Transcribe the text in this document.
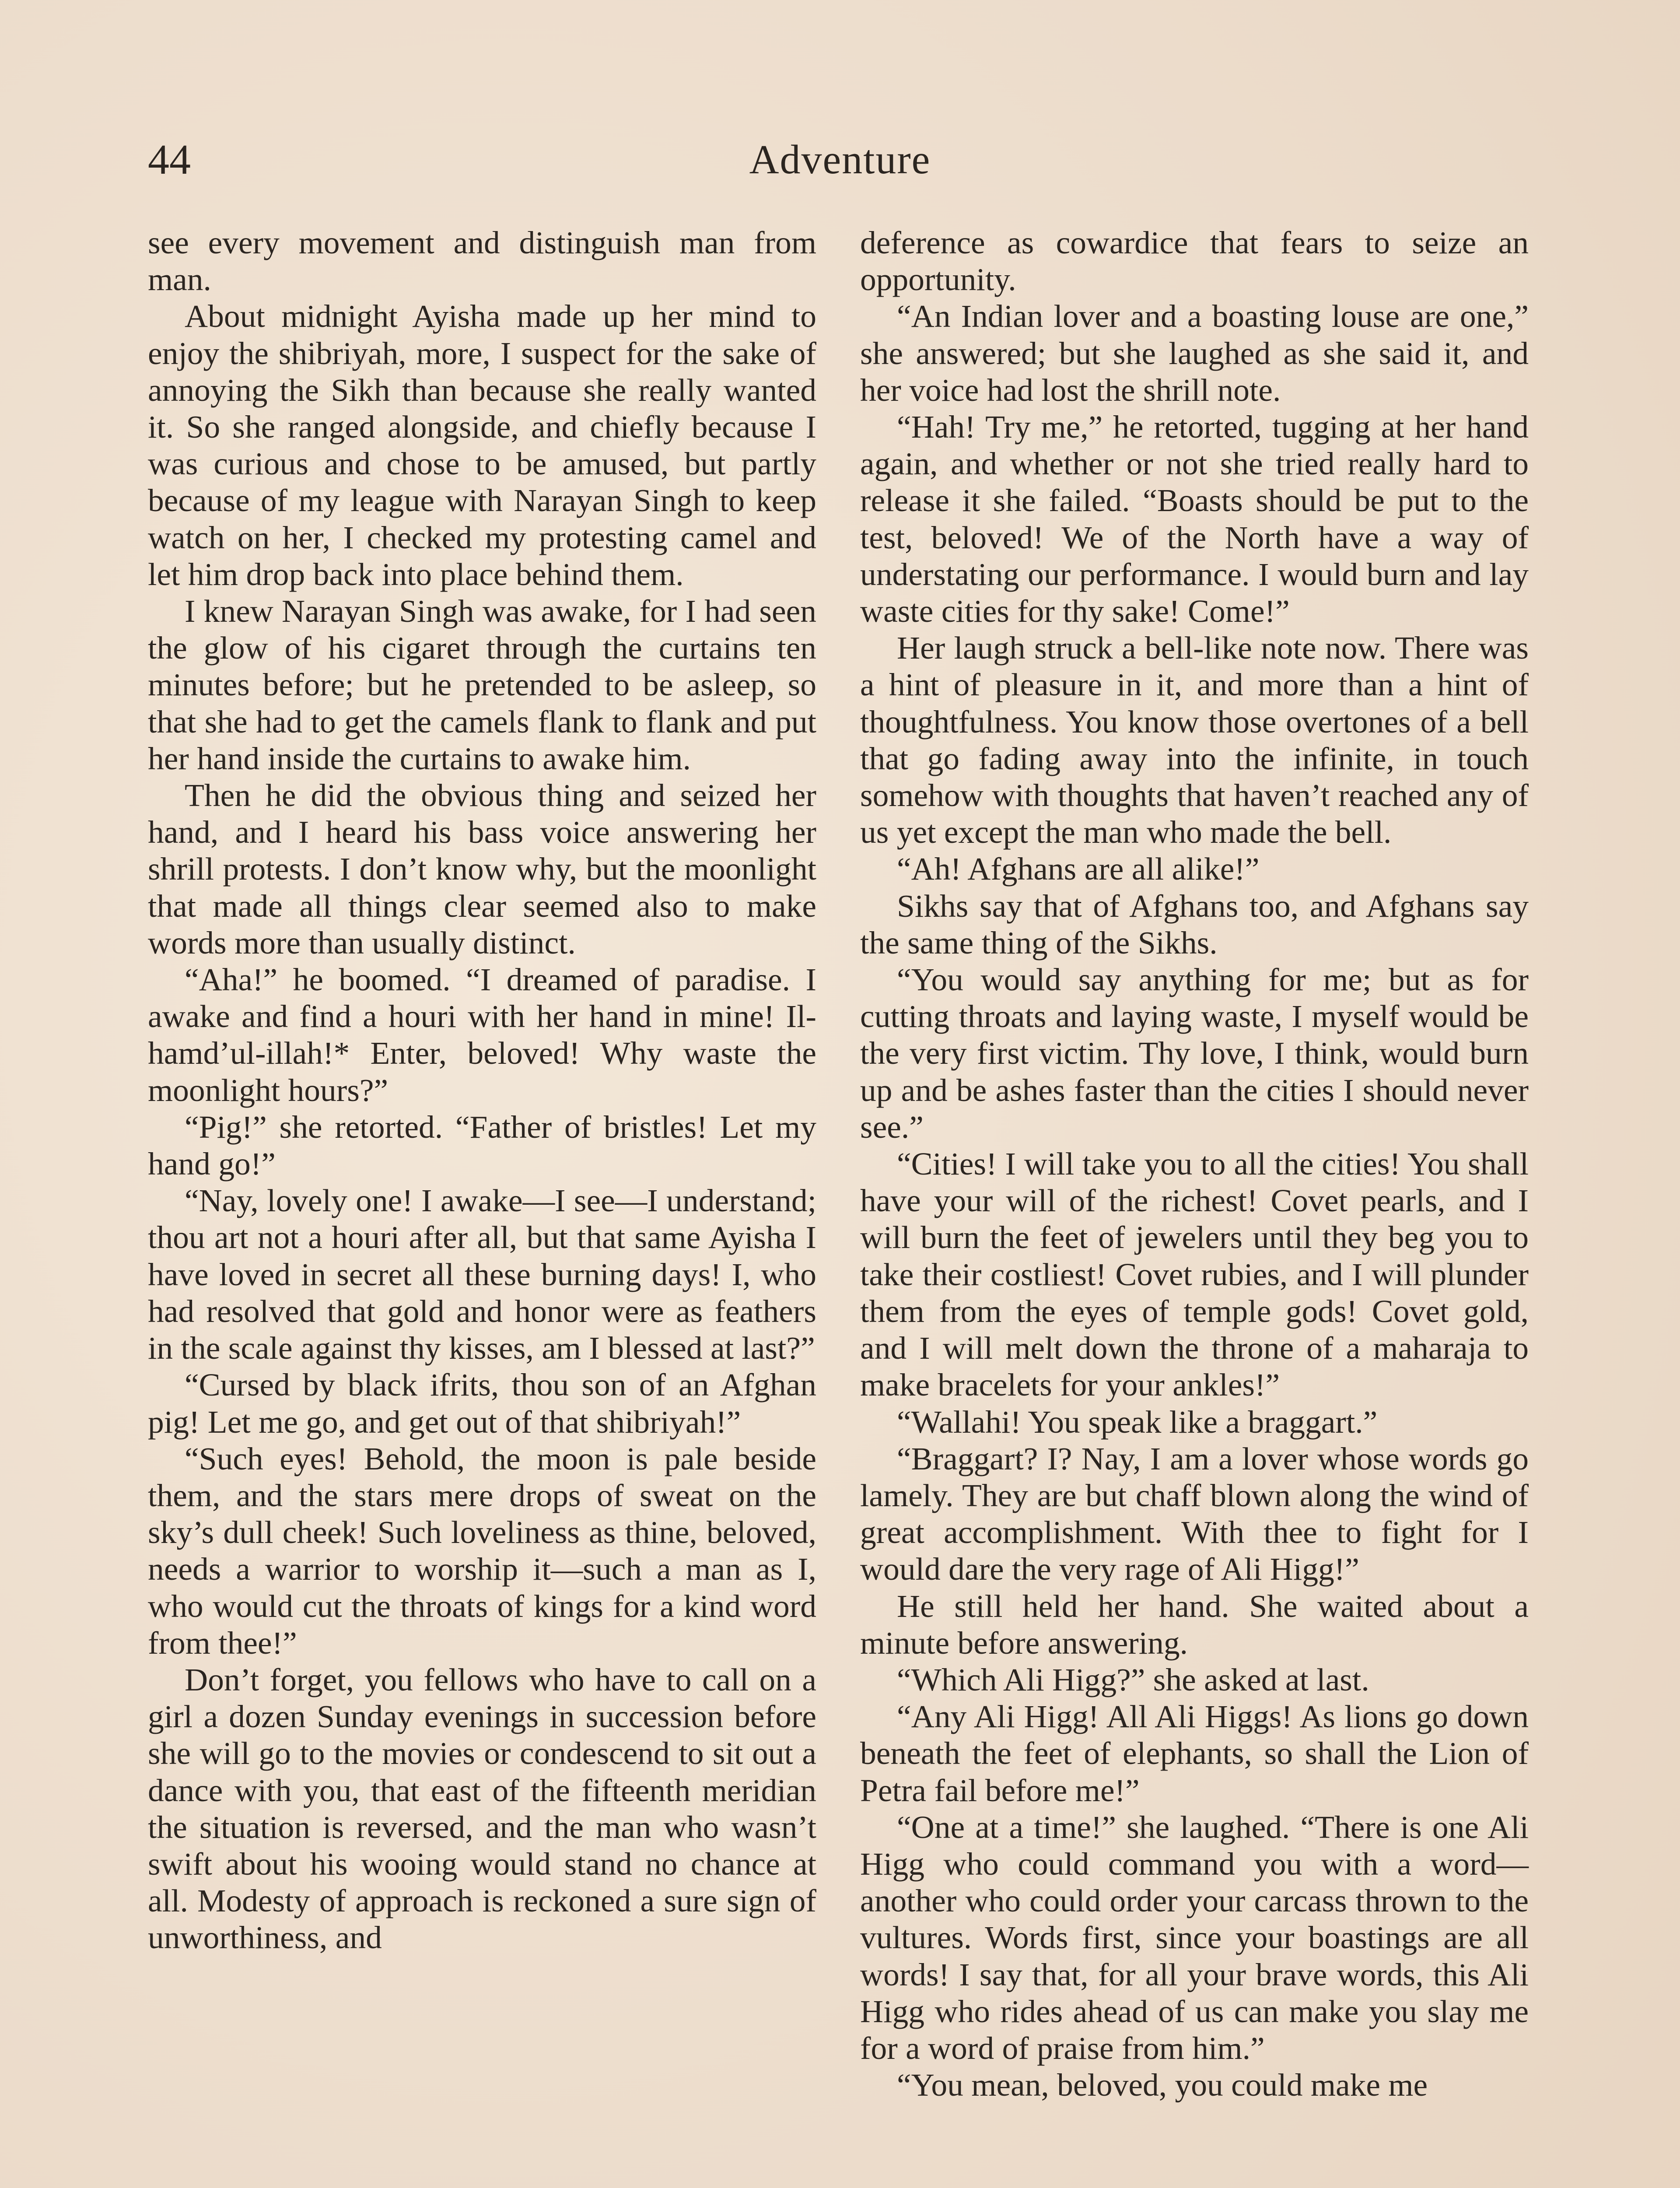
44	Adventure

see every movement and distinguish man from man.

About midnight Ayisha made up her mind to enjoy the shibriyah, more, I suspect for the sake of annoying the Sikh than because she really wanted it. So she ranged alongside, and chiefly because I was curious and chose to be amused, but partly because of my league with Narayan Singh to keep watch on her, I checked my protesting camel and let him drop back into place behind them.

I knew Narayan Singh was awake, for I had seen the glow of his cigaret through the curtains ten minutes before; but he pretended to be asleep, so that she had to get the camels flank to flank and put her hand inside the curtains to awake him.

Then he did the obvious thing and seized her hand, and I heard his bass voice answering her shrill protests. I don’t know why, but the moonlight that made all things clear seemed also to make words more than usually distinct.

“Aha!” he boomed. “I dreamed of paradise. I awake and find a houri with her hand in mine! Il-hamd’ul-illah!* Enter, beloved! Why waste the moonlight hours?”

“Pig!” she retorted. “Father of bristles! Let my hand go!”

“Nay, lovely one! I awake—I see—I understand; thou art not a houri after all, but that same Ayisha I have loved in secret all these burning days! I, who had resolved that gold and honor were as feathers in the scale against thy kisses, am I blessed at last?”

“Cursed by black ifrits, thou son of an Afghan pig! Let me go, and get out of that shibriyah!”

“Such eyes! Behold, the moon is pale beside them, and the stars mere drops of sweat on the sky’s dull cheek! Such loveliness as thine, beloved, needs a warrior to worship it—such a man as I, who would cut the throats of kings for a kind word from thee!”

Don’t forget, you fellows who have to call on a girl a dozen Sunday evenings in succession before she will go to the movies or condescend to sit out a dance with you, that east of the fifteenth meridian the situation is reversed, and the man who wasn’t swift about his wooing would stand no chance at all. Modesty of approach is reckoned a sure sign of unworthiness, and

deference as cowardice that fears to seize an opportunity.

“An Indian lover and a boasting louse are one,” she answered; but she laughed as she said it, and her voice had lost the shrill note.

“Hah! Try me,” he retorted, tugging at her hand again, and whether or not she tried really hard to release it she failed. “Boasts should be put to the test, beloved! We of the North have a way of understating our performance. I would burn and lay waste cities for thy sake! Come!”

Her laugh struck a bell-like note now. There was a hint of pleasure in it, and more than a hint of thoughtfulness. You know those overtones of a bell that go fading away into the infinite, in touch somehow with thoughts that haven’t reached any of us yet except the man who made the bell.

“Ah! Afghans are all alike!”

Sikhs say that of Afghans too, and Afghans say the same thing of the Sikhs.

“You would say anything for me; but as for cutting throats and laying waste, I myself would be the very first victim. Thy love, I think, would burn up and be ashes faster than the cities I should never see.”

“Cities! I will take you to all the cities! You shall have your will of the richest! Covet pearls, and I will burn the feet of jewelers until they beg you to take their costliest! Covet rubies, and I will plunder them from the eyes of temple gods! Covet gold, and I will melt down the throne of a maharaja to make bracelets for your ankles!”

“Wallahi! You speak like a braggart.”

“Braggart? I? Nay, I am a lover whose words go lamely. They are but chaff blown along the wind of great accomplishment. With thee to fight for I would dare the very rage of Ali Higg!”

He still held her hand. She waited about a minute before answering.

“Which Ali Higg?” she asked at last.

“Any Ali Higg! All Ali Higgs! As lions go down beneath the feet of elephants, so shall the Lion of Petra fail before me!”

“One at a time!” she laughed. “There is one Ali Higg who could command you with a word—another who could order your carcass thrown to the vultures. Words first, since your boastings are all words! I say that, for all your brave words, this Ali Higg who rides ahead of us can make you slay me for a word of praise from him.”

“You mean, beloved, you could make me
